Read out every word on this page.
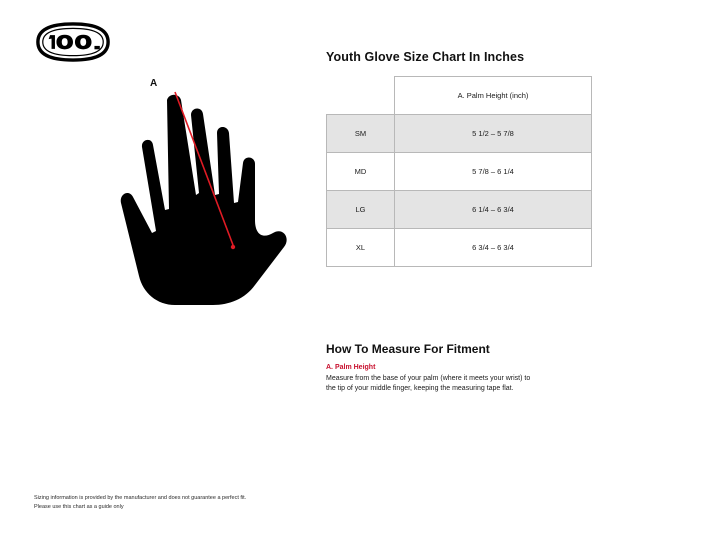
A
Youth Glove Size Chart In Inches
	A. Palm Height (inch)
SM	5 1/2 – 5 7/8
MD	5 7/8 – 6 1/4
LG	6 1/4 – 6 3/4
XL	6 3/4 – 6 3/4
How To Measure For Fitment

A. Palm Height

Measure from the base of your palm (where it meets your wrist) to the tip of your middle finger, keeping the measuring tape flat.

Sizing information is provided by the manufacturer and does not guarantee a perfect fit.
Please use this chart as a guide only
